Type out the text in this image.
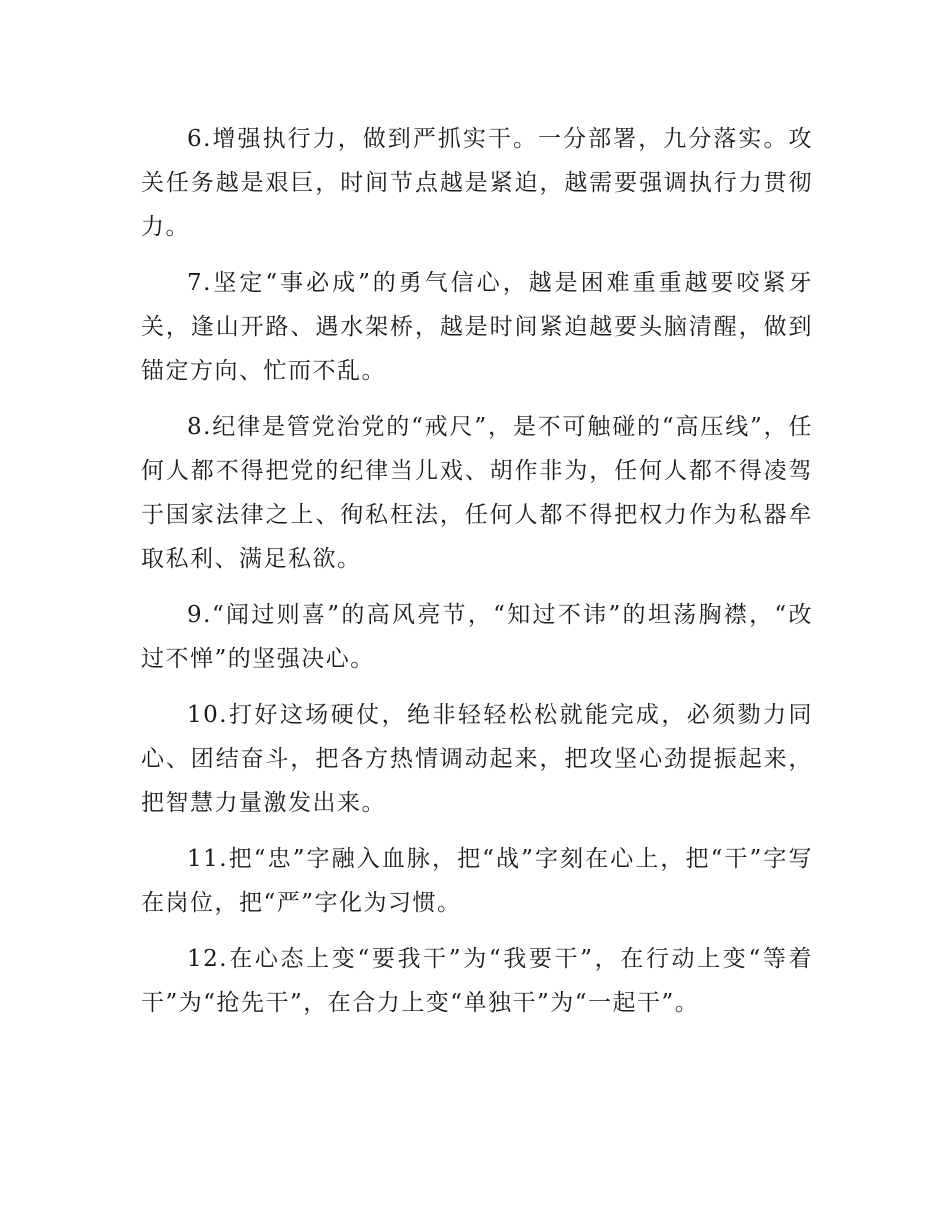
6.增强执行力，做到严抓实干。一分部署，九分落实。攻关任务越是艰巨，时间节点越是紧迫，越需要强调执行力贯彻力。

7.坚定“事必成”的勇气信心，越是困难重重越要咬紧牙关，逢山开路、遇水架桥，越是时间紧迫越要头脑清醒，做到锚定方向、忙而不乱。

8.纪律是管党治党的“戒尺”，是不可触碰的“高压线”，任何人都不得把党的纪律当儿戏、胡作非为，任何人都不得凌驾于国家法律之上、徇私枉法，任何人都不得把权力作为私器牟取私利、满足私欲。

9.“闻过则喜”的高风亮节，“知过不讳”的坦荡胸襟，“改过不惮”的坚强决心。

10.打好这场硬仗，绝非轻轻松松就能完成，必须勠力同心、团结奋斗，把各方热情调动起来，把攻坚心劲提振起来，把智慧力量激发出来。

11.把“忠”字融入血脉，把“战”字刻在心上，把“干”字写在岗位，把“严”字化为习惯。

12.在心态上变“要我干”为“我要干”，在行动上变“等着干”为“抢先干”，在合力上变“单独干”为“一起干”。
